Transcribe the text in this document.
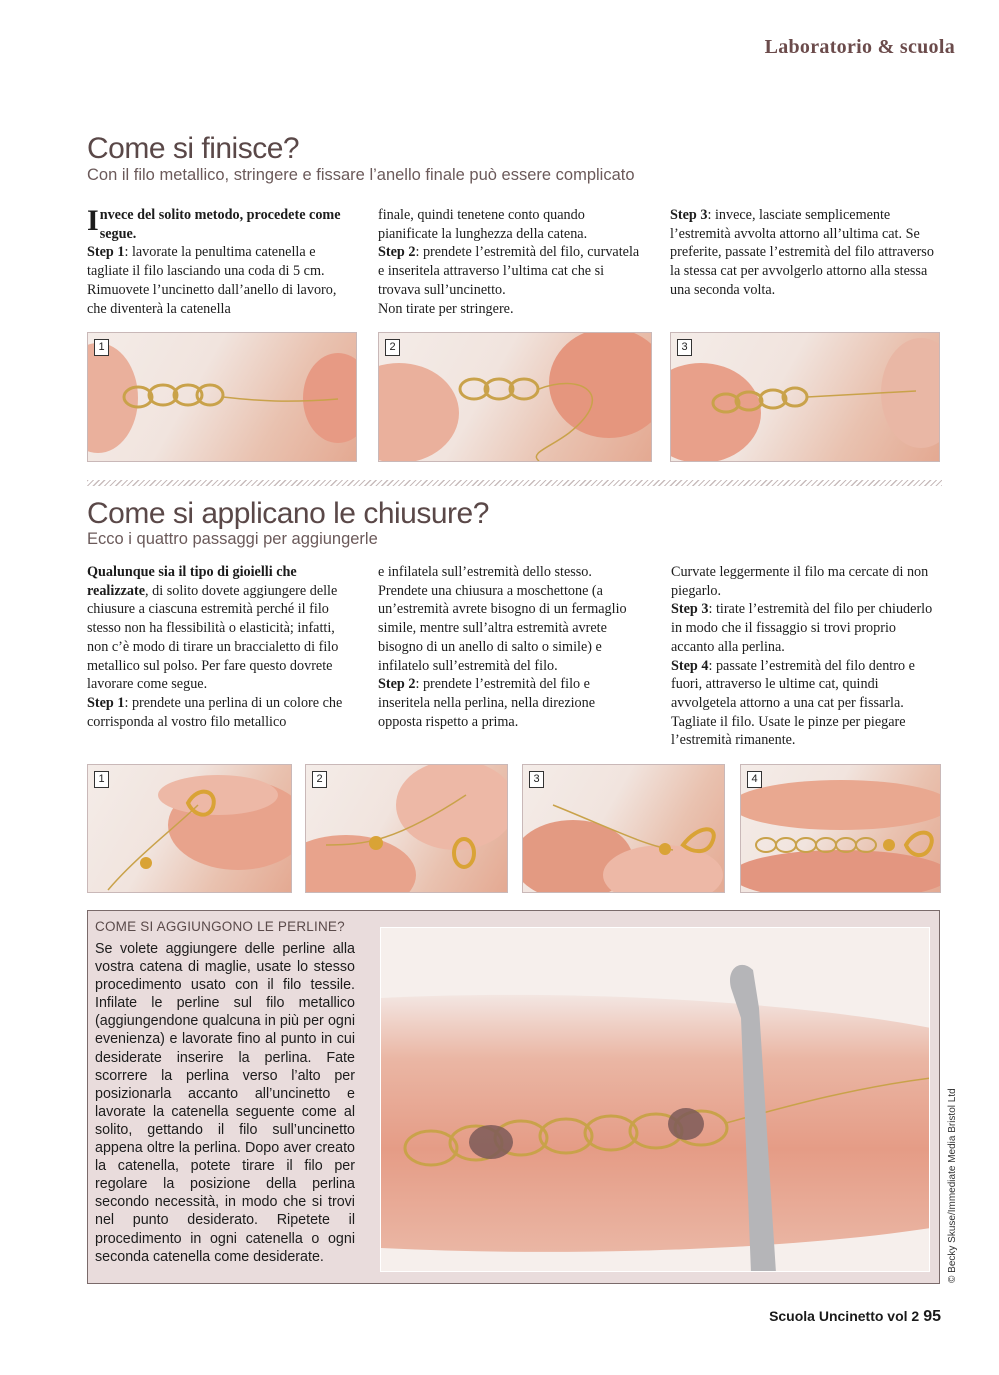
Laboratorio & scuola
Come si finisce?
Con il filo metallico, stringere e fissare l’anello finale può essere complicato

Invece del solito metodo, procedete come segue.

Step 1: lavorate la penultima catenella e tagliate il filo lasciando una coda di 5 cm. Rimuovete l’uncinetto dall’anello di lavoro, che diventerà la catenella

finale, quindi tenetene conto quando pianificate la lunghezza della catena.

Step 2: prendete l’estremità del filo, curvatela e inseritela attraverso l’ultima cat che si trovava sull’uncinetto.

Non tirate per stringere.

Step 3: invece, lasciate semplicemente l’estremità avvolta attorno all’ultima cat. Se preferite, passate l’estremità del filo attraverso la stessa cat per avvolgerlo attorno alla stessa una seconda volta.

1	2	3
Come si applicano le chiusure?
Ecco i quattro passaggi per aggiungerle

Qualunque sia il tipo di gioielli che realizzate, di solito dovete aggiungere delle chiusure a ciascuna estremità perché il filo stesso non ha flessibilità o elasticità; infatti, non c’è modo di tirare un braccialetto di filo metallico sul polso. Per fare questo dovrete lavorare come segue.

Step 1: prendete una perlina di un colore che corrisponda al vostro filo metallico

e infilatela sull’estremità dello stesso. Prendete una chiusura a moschettone (a un’estremità avrete bisogno di un fermaglio simile, mentre sull’altra estremità avrete bisogno di un anello di salto o simile) e infilatelo sull’estremità del filo.

Step 2: prendete l’estremità del filo e inseritela nella perlina, nella direzione opposta rispetto a prima.

Curvate leggermente il filo ma cercate di non piegarlo.

Step 3: tirate l’estremità del filo per chiuderlo in modo che il fissaggio si trovi proprio accanto alla perlina.

Step 4: passate l’estremità del filo dentro e fuori, attraverso le ultime cat, quindi avvolgetela attorno a una cat per fissarla. Tagliate il filo. Usate le pinze per piegare l’estremità rimanente.

1	2	3	4
COME SI AGGIUNGONO LE PERLINE?
Se volete aggiungere delle perline alla vostra catena di maglie, usate lo stesso procedimento usato con il filo tessile. Infilate le perline sul filo metallico (aggiungendone qualcuna in più per ogni evenienza) e lavorate fino al punto in cui desiderate inserire la perlina. Fate scorrere la perlina verso l’alto per posizionarla accanto all’uncinetto e lavorate la catenella seguente come al solito, gettando il filo sull’uncinetto appena oltre la perlina. Dopo aver creato la catenella, potete tirare il filo per regolare la posizione della perlina secondo necessità, in modo che si trovi nel punto desiderato. Ripetete il procedimento in ogni catenella o ogni seconda catenella come desiderate.	© Becky Skuse/Immediate Media Bristol Ltd
Scuola Uncinetto vol 2 95
